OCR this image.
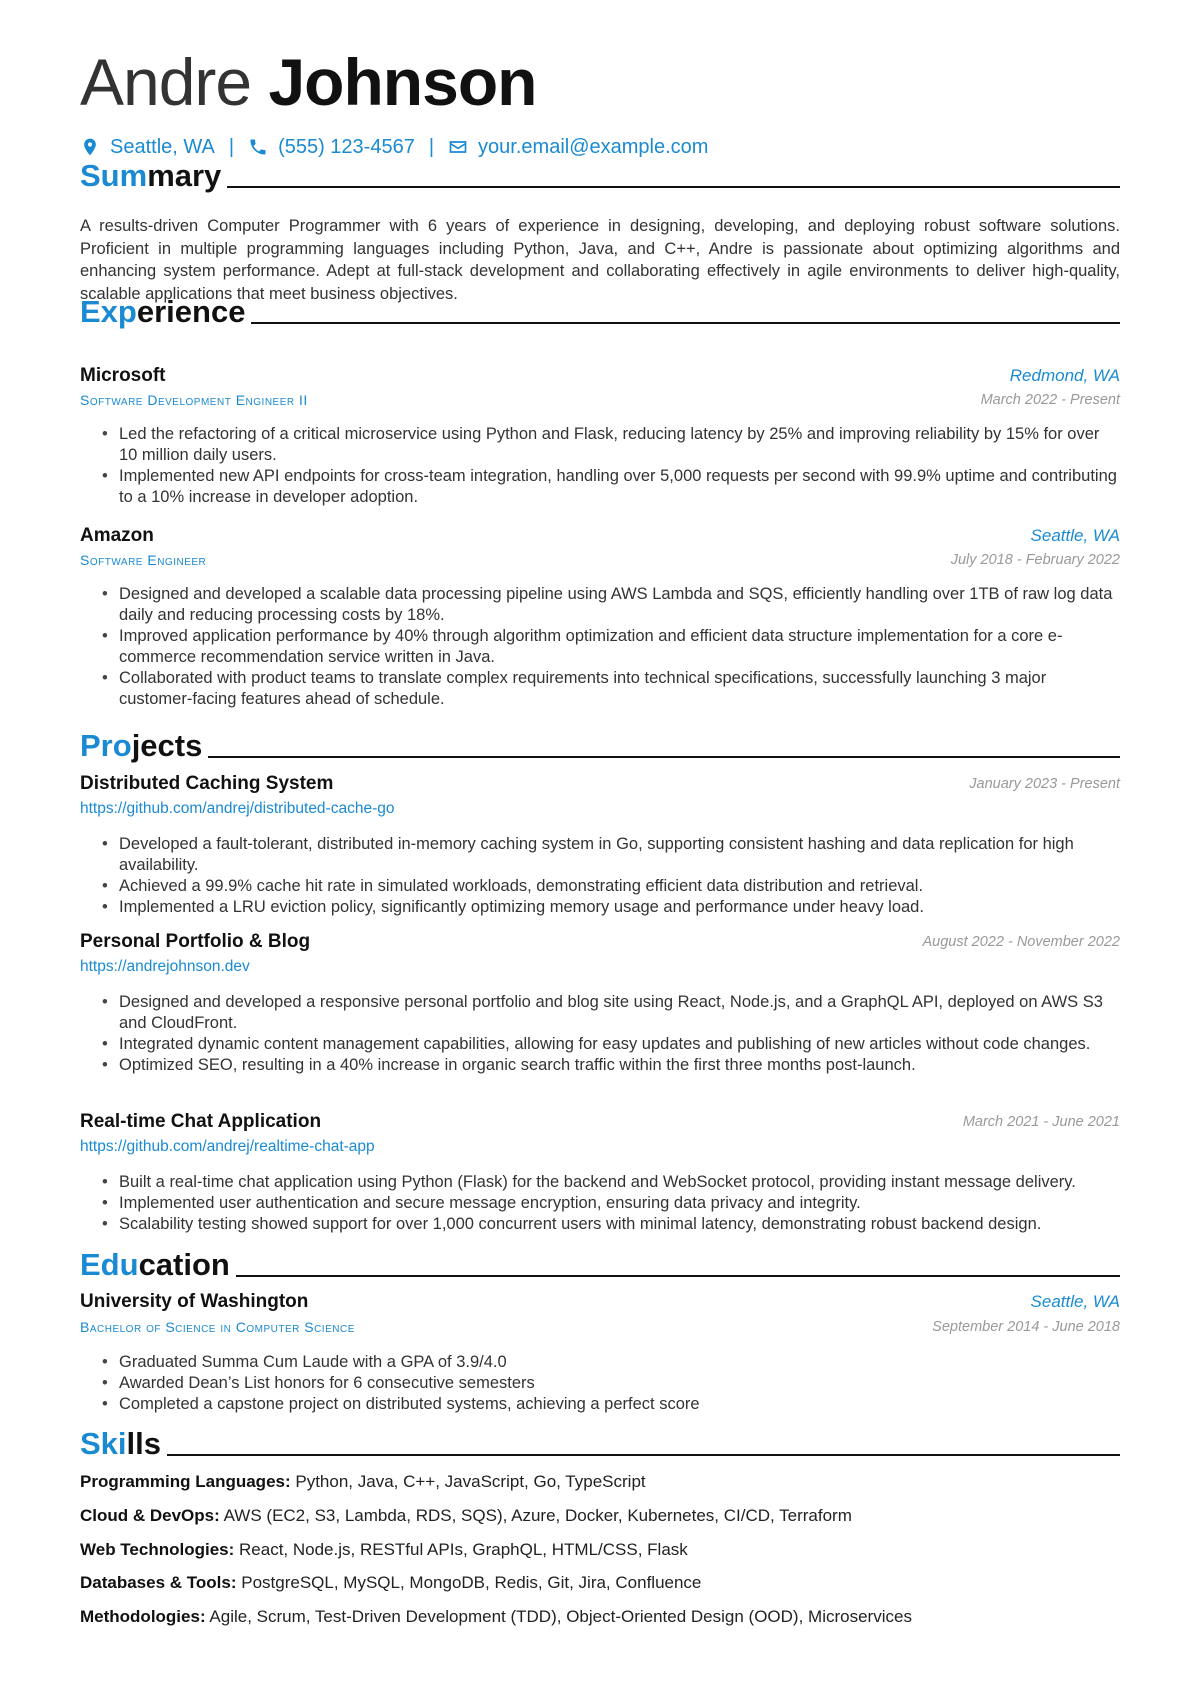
Andre Johnson
Seattle, WA | (555) 123-4567 | your.email@example.com
Summary
A results-driven Computer Programmer with 6 years of experience in designing, developing, and deploying robust software solutions. Proficient in multiple programming languages including Python, Java, and C++, Andre is passionate about optimizing algorithms and enhancing system performance. Adept at full-stack development and collaborating effectively in agile environments to deliver high-quality, scalable applications that meet business objectives.
Experience
Microsoft	Redmond, WA
Software Development Engineer II	March 2022 - Present
• Led the refactoring of a critical microservice using Python and Flask, reducing latency by 25% and improving reliability by 15% for over 10 million daily users.
• Implemented new API endpoints for cross-team integration, handling over 5,000 requests per second with 99.9% uptime and contributing to a 10% increase in developer adoption.
Amazon	Seattle, WA
Software Engineer	July 2018 - February 2022
• Designed and developed a scalable data processing pipeline using AWS Lambda and SQS, efficiently handling over 1TB of raw log data daily and reducing processing costs by 18%.
• Improved application performance by 40% through algorithm optimization and efficient data structure implementation for a core e-commerce recommendation service written in Java.
• Collaborated with product teams to translate complex requirements into technical specifications, successfully launching 3 major customer-facing features ahead of schedule.
Projects
Distributed Caching System	January 2023 - Present
https://github.com/andrej/distributed-cache-go
• Developed a fault-tolerant, distributed in-memory caching system in Go, supporting consistent hashing and data replication for high availability.
• Achieved a 99.9% cache hit rate in simulated workloads, demonstrating efficient data distribution and retrieval.
• Implemented a LRU eviction policy, significantly optimizing memory usage and performance under heavy load.
Personal Portfolio & Blog	August 2022 - November 2022
https://andrejohnson.dev
• Designed and developed a responsive personal portfolio and blog site using React, Node.js, and a GraphQL API, deployed on AWS S3 and CloudFront.
• Integrated dynamic content management capabilities, allowing for easy updates and publishing of new articles without code changes.
• Optimized SEO, resulting in a 40% increase in organic search traffic within the first three months post-launch.
Real-time Chat Application	March 2021 - June 2021
https://github.com/andrej/realtime-chat-app
• Built a real-time chat application using Python (Flask) for the backend and WebSocket protocol, providing instant message delivery.
• Implemented user authentication and secure message encryption, ensuring data privacy and integrity.
• Scalability testing showed support for over 1,000 concurrent users with minimal latency, demonstrating robust backend design.
Education
University of Washington	Seattle, WA
Bachelor of Science in Computer Science	September 2014 - June 2018
• Graduated Summa Cum Laude with a GPA of 3.9/4.0
• Awarded Dean’s List honors for 6 consecutive semesters
• Completed a capstone project on distributed systems, achieving a perfect score
Skills
Programming Languages: Python, Java, C++, JavaScript, Go, TypeScript
Cloud & DevOps: AWS (EC2, S3, Lambda, RDS, SQS), Azure, Docker, Kubernetes, CI/CD, Terraform
Web Technologies: React, Node.js, RESTful APIs, GraphQL, HTML/CSS, Flask
Databases & Tools: PostgreSQL, MySQL, MongoDB, Redis, Git, Jira, Confluence
Methodologies: Agile, Scrum, Test-Driven Development (TDD), Object-Oriented Design (OOD), Microservices
